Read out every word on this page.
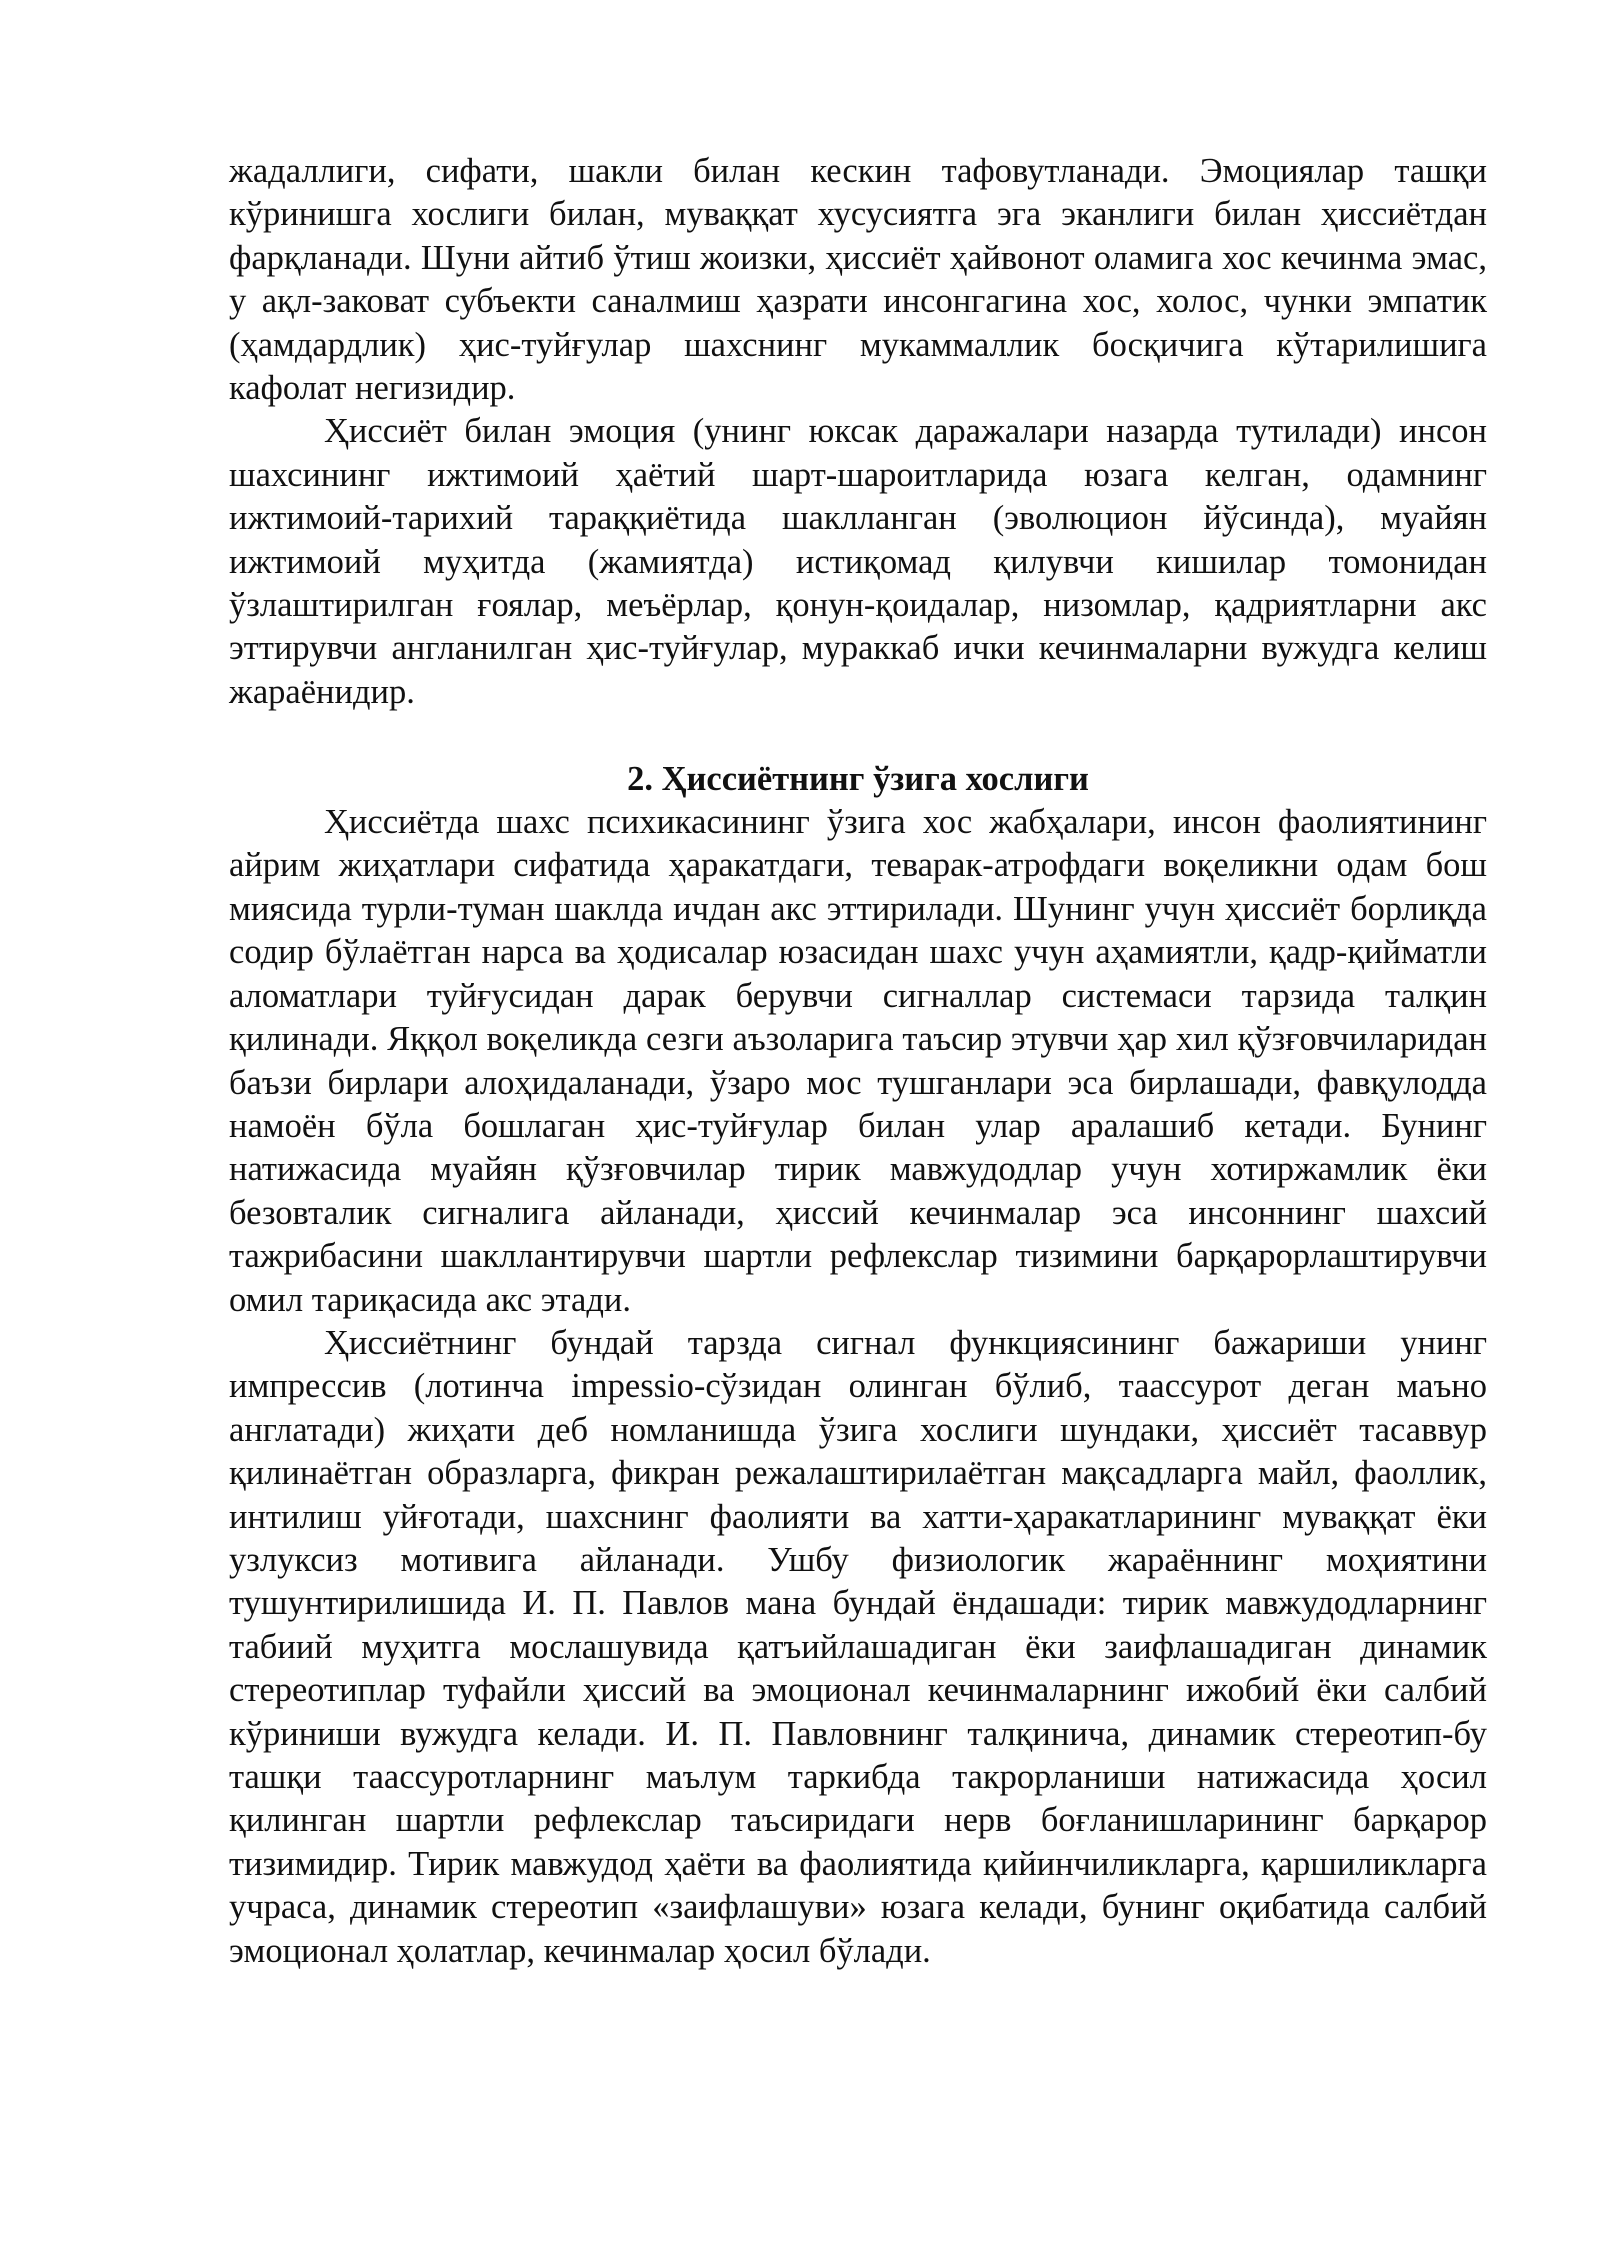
жадаллиги, сифати, шакли билан кескин тафовутланади. Эмоциялар ташқи кўринишга хослиги билан, муваққат хусусиятга эга эканлиги билан ҳиссиётдан фарқланади. Шуни айтиб ўтиш жоизки, ҳиссиёт ҳайвонот оламига хос кечинма эмас, у ақл-заковат субъекти саналмиш ҳазрати инсонгагина хос, холос, чунки эмпатик (ҳамдардлик) ҳис-туйғулар шахснинг мукаммаллик босқичига кўтарилишига кафолат негизидир.

Ҳиссиёт билан эмоция (унинг юксак даражалари назарда тутилади) инсон шахсининг ижтимоий ҳаётий шарт-шароитларида юзага келган, одамнинг ижтимоий-тарихий тараққиётида шаклланган (эволюцион йўсинда), муайян ижтимоий муҳитда (жамиятда) истиқомад қилувчи кишилар томонидан ўзлаштирилган ғоялар, меъёрлар, қонун-қоидалар, низомлар, қадриятларни акс эттирувчи англанилган ҳис-туйғулар, мураккаб ички кечинмаларни вужудга келиш жараёнидир.

2. Ҳиссиётнинг ўзига хослиги

Ҳиссиётда шахс психикасининг ўзига хос жабҳалари, инсон фаолиятининг айрим жиҳатлари сифатида ҳаракатдаги, теварак-атрофдаги воқеликни одам бош миясида турли-туман шаклда ичдан акс эттирилади. Шунинг учун ҳиссиёт борлиқда содир бўлаётган нарса ва ҳодисалар юзасидан шахс учун аҳамиятли, қадр-қийматли аломатлари туйғусидан дарак берувчи сигналлар системаси тарзида талқин қилинади. Яққол воқеликда сезги аъзоларига таъсир этувчи ҳар хил қўзғовчиларидан баъзи бирлари алоҳидаланади, ўзаро мос тушганлари эса бирлашади, фавқулодда намоён бўла бошлаган ҳис-туйғулар билан улар аралашиб кетади. Бунинг натижасида муайян қўзғовчилар тирик мавжудодлар учун хотиржамлик ёки безовталик сигналига айланади, ҳиссий кечинмалар эса инсоннинг шахсий тажрибасини шакллантирувчи шартли рефлекслар тизимини барқарорлаштирувчи омил тариқасида акс этади.

Ҳиссиётнинг бундай тарзда сигнал функциясининг бажариши унинг импрессив (лотинча impessio-сўзидан олинган бўлиб, таассурот деган маъно англатади) жиҳати деб номланишда ўзига хослиги шундаки, ҳиссиёт тасаввур қилинаётган образларга, фикран режалаштирилаётган мақсадларга майл, фаоллик, интилиш уйғотади, шахснинг фаолияти ва хатти-ҳаракатларининг муваққат ёки узлуксиз мотивига айланади. Ушбу физиологик жараённинг моҳиятини тушунтирилишида И. П. Павлов мана бундай ёндашади: тирик мавжудодларнинг табиий муҳитга мослашувида қатъийлашадиган ёки заифлашадиган динамик стереотиплар туфайли ҳиссий ва эмоционал кечинмаларнинг ижобий ёки салбий кўриниши вужудга келади. И. П. Павловнинг талқинича, динамик стереотип-бу ташқи таассуротларнинг маълум таркибда такрорланиши натижасида ҳосил қилинган шартли рефлекслар таъсиридаги нерв боғланишларининг барқарор тизимидир. Тирик мавжудод ҳаёти ва фаолиятида қийинчиликларга, қаршиликларга учраса, динамик стереотип «заифлашуви» юзага келади, бунинг оқибатида салбий эмоционал ҳолатлар, кечинмалар ҳосил бўлади.
